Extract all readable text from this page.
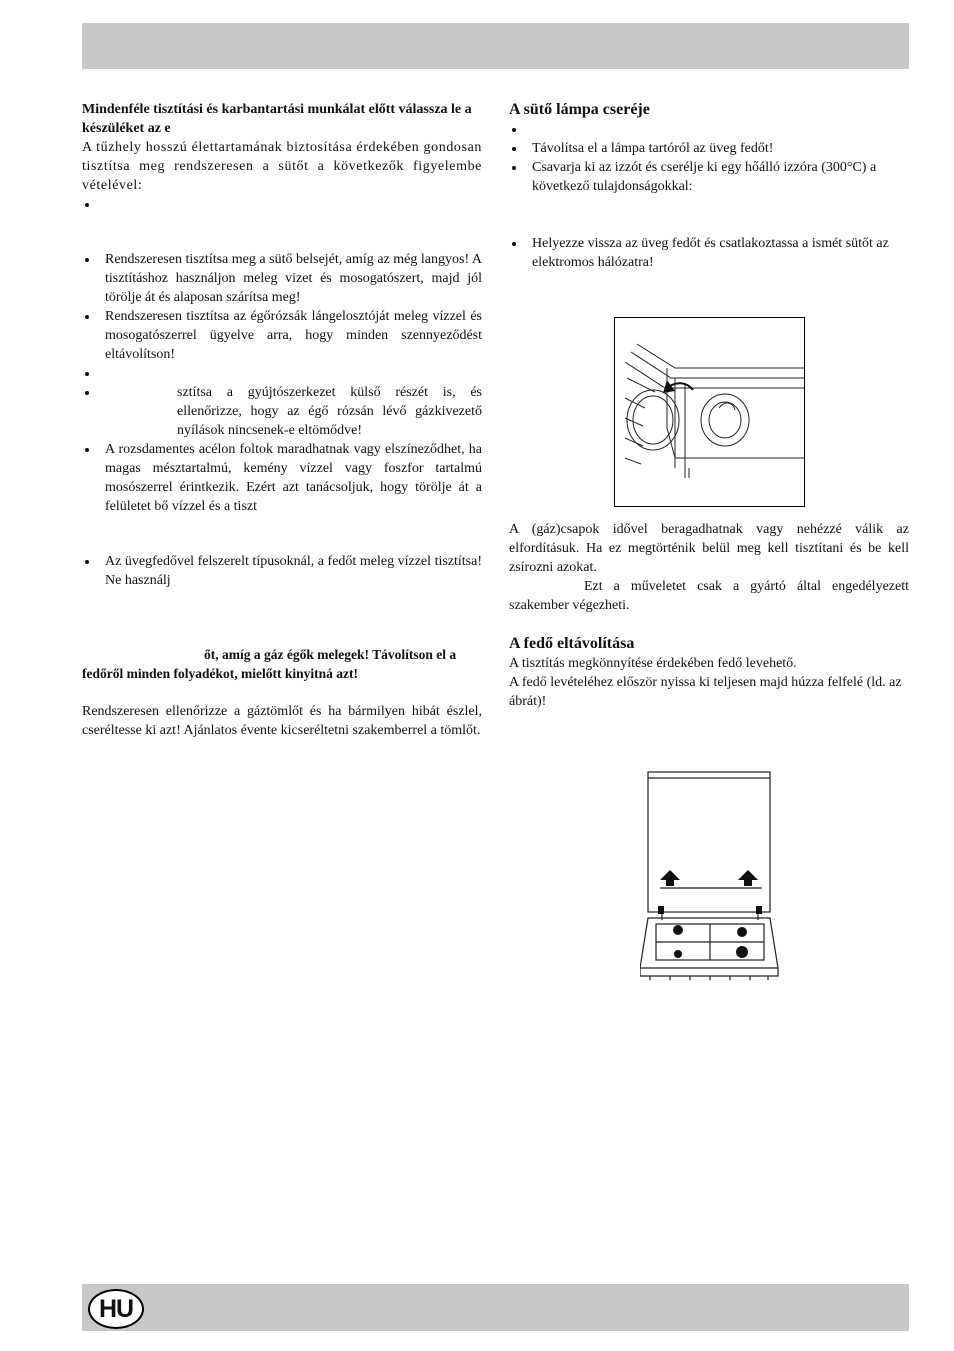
HU

Mindenféle tisztítási és karbantartási munkálat előtt válassza le a készüléket az e

A tűzhely hosszú élettartamának biztosítása érdekében gondosan tisztítsa meg rendszeresen a sütőt a következők figyelembe vételével:

Rendszeresen tisztítsa meg a sütő belsejét, amíg az még langyos! A tisztításhoz használjon meleg vizet és mosogatószert, majd jól törölje át és alaposan szárítsa meg!
Rendszeresen tisztítsa az égőrózsák lángelosztóját meleg vízzel és mosogatószerrel ügyelve arra, hogy minden szennyeződést eltávolítson!
sztítsa a gyújtószerkezet külső részét is, és ellenőrizze, hogy az égő rózsán lévő gázkivezető nyílások nincsenek-e eltömődve!
A rozsdamentes acélon foltok maradhatnak vagy elszíneződhet, ha magas mésztartalmú, kemény vízzel vagy foszfor tartalmú mosószerrel érintkezik. Ezért azt tanácsoljuk, hogy törölje át a felületet bő vízzel és a tiszt
Az üvegfedővel felszerelt típusoknál, a fedőt meleg vízzel tisztítsa! Ne használj

őt, amíg a gáz égők melegek! Távolítson el a fedőről minden folyadékot, mielőtt kinyitná azt!

Rendszeresen ellenőrizze a gáztömlőt és ha bármilyen hibát észlel, cseréltesse ki azt! Ajánlatos évente kicseréltetni szakemberrel a tömlőt.

A sütő lámpa cseréje
Távolítsa el a lámpa tartóról az üveg fedőt!
Csavarja ki az izzót és cserélje ki egy hőálló izzóra (300°C) a következő tulajdonságokkal:
Helyezze vissza az üveg fedőt és csatlakoztassa a ismét sütőt az elektromos hálózatra!

A (gáz)csapok idővel beragadhatnak vagy nehézzé válik az elfordításuk. Ha ez megtörténik belül meg kell tisztítani és be kell zsírozni azokat.

Ezt a műveletet csak a gyártó által engedélyezett szakember végezheti.

A fedő eltávolítása

A tisztítás megkönnyítése érdekében fedő levehető.

A fedő levételéhez először nyissa ki teljesen majd húzza felfelé (ld. az ábrát)!
